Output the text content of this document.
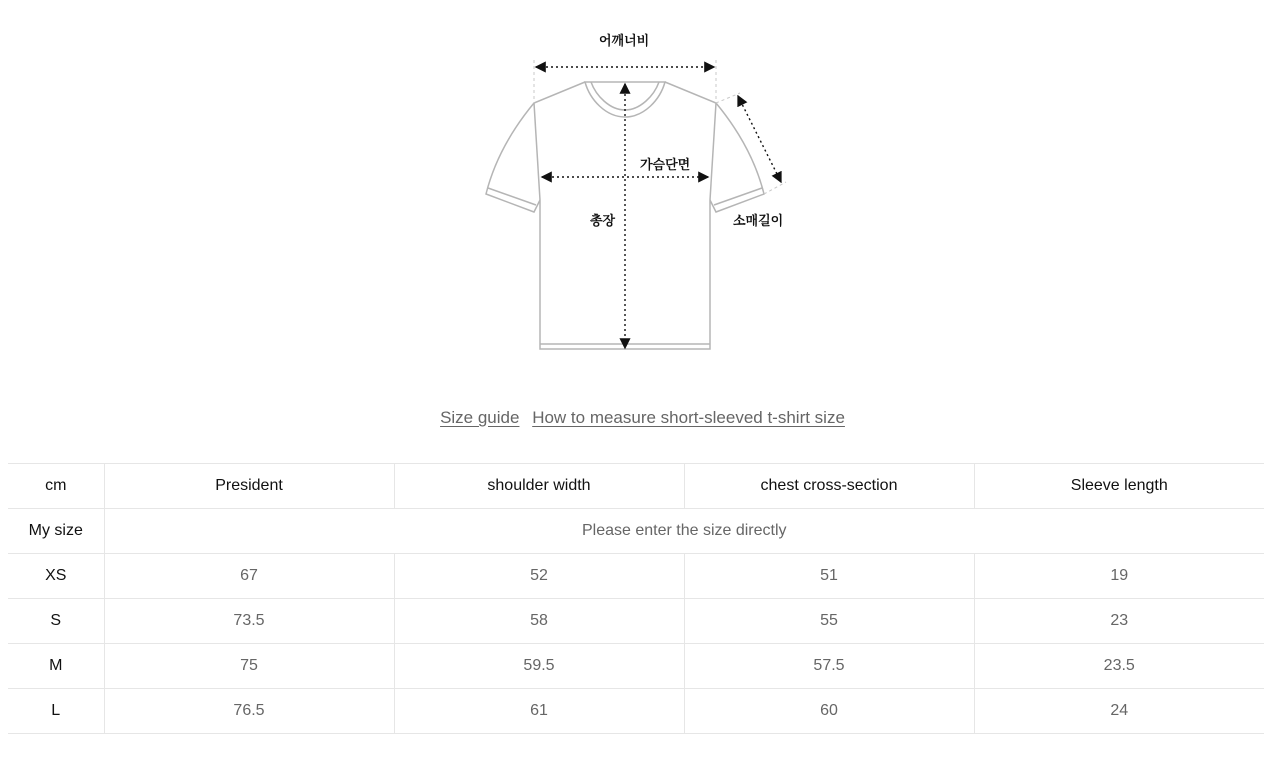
어깨너비
가슴단면
총장	소매길이
Size guide How to measure short-sleeved t-shirt size
cm	President	shoulder width	chest cross-section	Sleeve length
My size	Please enter the size directly			
XS	67	52	51	19
S	73.5	58	55	23
M	75	59.5	57.5	23.5
L	76.5	61	60	24
